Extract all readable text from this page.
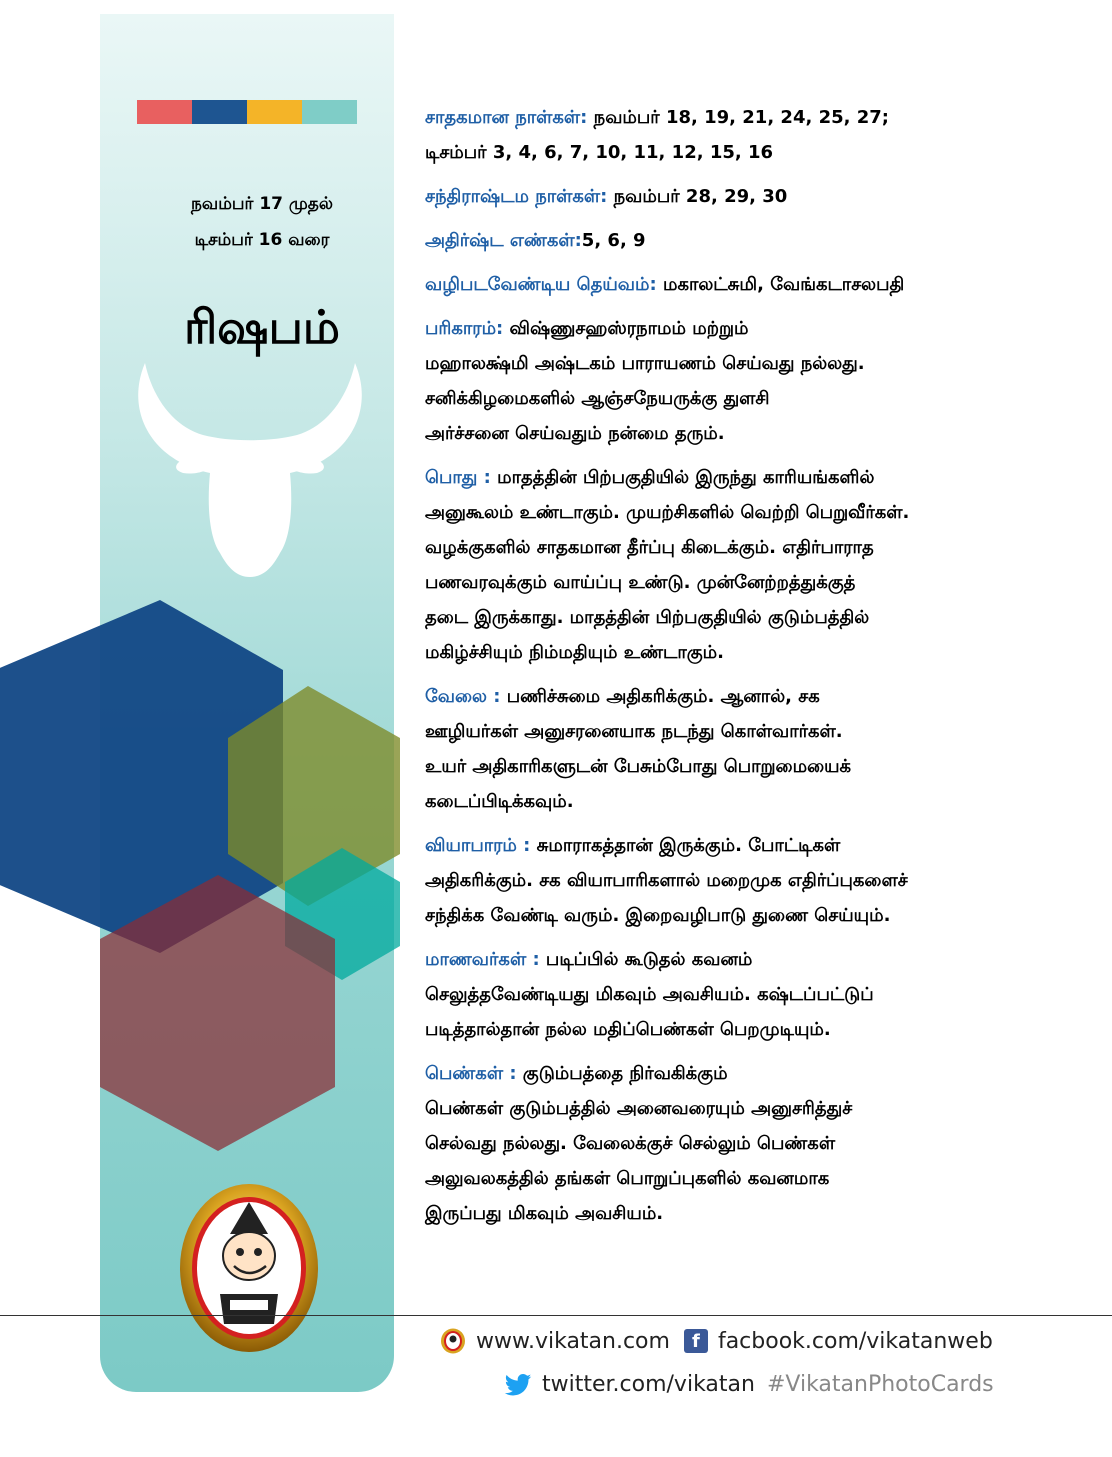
நவம்பர் 17 முதல்
டிசம்பர் 16 வரை
ரிஷபம்

சாதகமான நாள்கள்: நவம்பர் 18, 19, 21, 24, 25, 27;

டிசம்பர் 3, 4, 6, 7, 10, 11, 12, 15, 16

சந்திராஷ்டம நாள்கள்: நவம்பர் 28, 29, 30

அதிர்ஷ்ட எண்கள்:5, 6, 9

வழிபடவேண்டிய தெய்வம்: மகாலட்சுமி, வேங்கடாசலபதி

பரிகாரம்: விஷ்ணுசஹஸ்ரநாமம் மற்றும்

மஹாலக்ஷ்மி அஷ்டகம் பாராயணம் செய்வது நல்லது.

சனிக்கிழமைகளில் ஆஞ்சநேயருக்கு துளசி

அர்ச்சனை செய்வதும் நன்மை தரும்.

பொது : மாதத்தின் பிற்பகுதியில் இருந்து காரியங்களில்

அனுகூலம் உண்டாகும். முயற்சிகளில் வெற்றி பெறுவீர்கள்.

வழக்குகளில் சாதகமான தீர்ப்பு கிடைக்கும். எதிர்பாராத

பணவரவுக்கும் வாய்ப்பு உண்டு. முன்னேற்றத்துக்குத்

தடை இருக்காது. மாதத்தின் பிற்பகுதியில் குடும்பத்தில்

மகிழ்ச்சியும் நிம்மதியும் உண்டாகும்.

வேலை : பணிச்சுமை அதிகரிக்கும். ஆனால், சக

ஊழியர்கள் அனுசரனையாக நடந்து கொள்வார்கள்.

உயர் அதிகாரிகளுடன் பேசும்போது பொறுமையைக்

கடைப்பிடிக்கவும்.

வியாபாரம் : சுமாராகத்தான் இருக்கும். போட்டிகள்

அதிகரிக்கும். சக வியாபாரிகளால் மறைமுக எதிர்ப்புகளைச்

சந்திக்க வேண்டி வரும். இறைவழிபாடு துணை செய்யும்.

மாணவர்கள் : படிப்பில் கூடுதல் கவனம்

செலுத்தவேண்டியது மிகவும் அவசியம். கஷ்டப்பட்டுப்

படித்தால்தான் நல்ல மதிப்பெண்கள் பெறமுடியும்.

பெண்கள் : குடும்பத்தை நிர்வகிக்கும்

பெண்கள் குடும்பத்தில் அனைவரையும் அனுசரித்துச்

செல்வது நல்லது. வேலைக்குச் செல்லும் பெண்கள்

அலுவலகத்தில் தங்கள் பொறுப்புகளில் கவனமாக

இருப்பது மிகவும் அவசியம்.

www.vikatan.com	f facbook.com/vikatanweb
twitter.com/vikatan #VikatanPhotoCards
